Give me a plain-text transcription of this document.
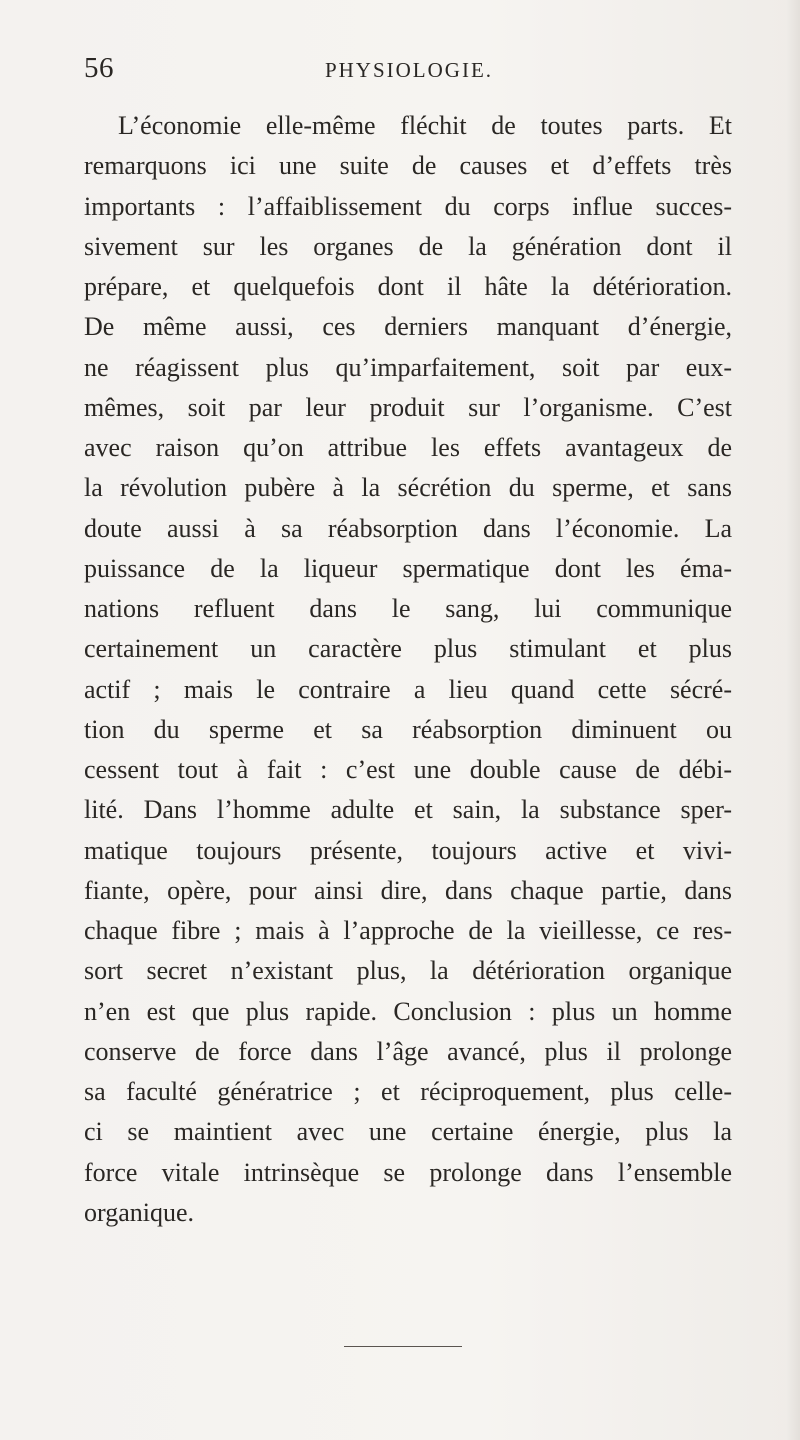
56	PHYSIOLOGIE.
L’économie elle-même fléchit de toutes parts. Et
remarquons ici une suite de causes et d’effets très
importants : l’affaiblissement du corps influe succes-
sivement sur les organes de la génération dont il
prépare, et quelquefois dont il hâte la détérioration.
De même aussi, ces derniers manquant d’énergie,
ne réagissent plus qu’imparfaitement, soit par eux-
mêmes, soit par leur produit sur l’organisme. C’est
avec raison qu’on attribue les effets avantageux de
la révolution pubère à la sécrétion du sperme, et sans
doute aussi à sa réabsorption dans l’économie. La
puissance de la liqueur spermatique dont les éma-
nations refluent dans le sang, lui communique
certainement un caractère plus stimulant et plus
actif ; mais le contraire a lieu quand cette sécré-
tion du sperme et sa réabsorption diminuent ou
cessent tout à fait : c’est une double cause de débi-
lité. Dans l’homme adulte et sain, la substance sper-
matique toujours présente, toujours active et vivi-
fiante, opère, pour ainsi dire, dans chaque partie, dans
chaque fibre ; mais à l’approche de la vieillesse, ce res-
sort secret n’existant plus, la détérioration organique
n’en est que plus rapide. Conclusion : plus un homme
conserve de force dans l’âge avancé, plus il prolonge
sa faculté génératrice ; et réciproquement, plus celle-
ci se maintient avec une certaine énergie, plus la
force vitale intrinsèque se prolonge dans l’ensemble
organique.
